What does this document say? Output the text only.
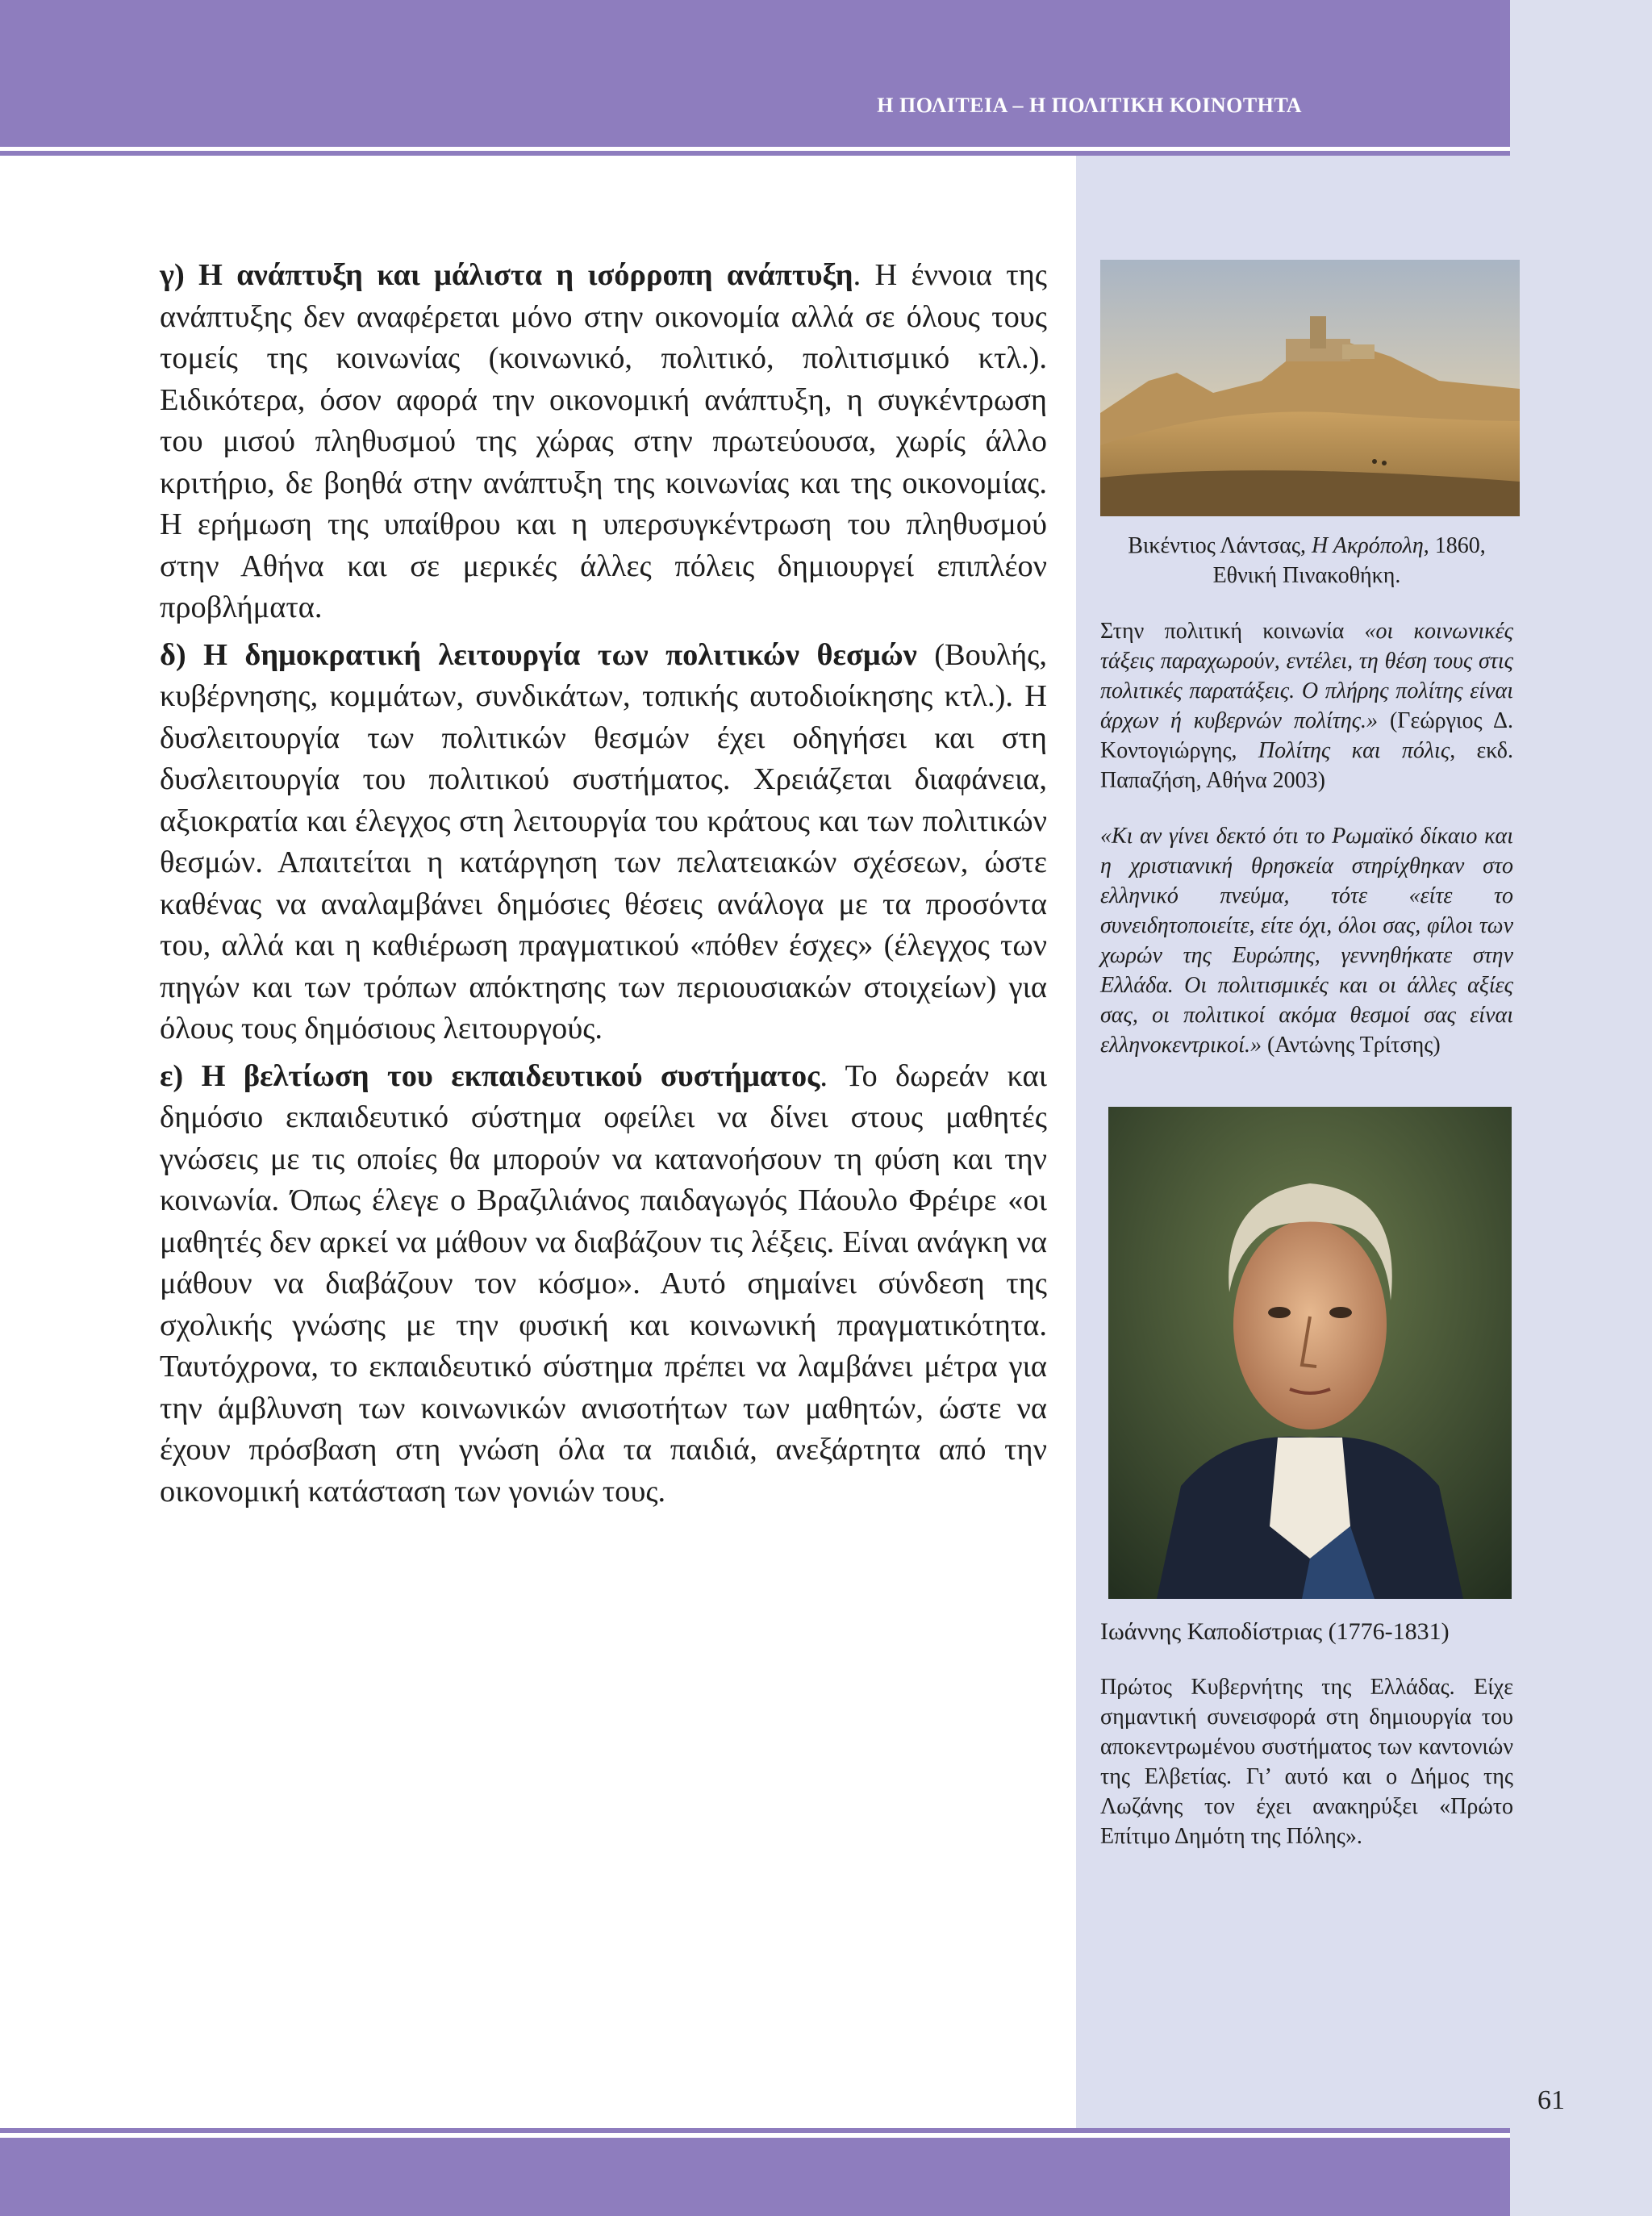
Η ΠΟΛΙΤΕΙΑ – Η ΠΟΛΙΤΙΚΗ ΚΟΙΝΟΤΗΤΑ
61

γ) Η ανάπτυξη και μάλιστα η ισόρροπη ανάπτυξη. Η έννοια της ανάπτυξης δεν αναφέρεται μόνο στην οικονομία αλλά σε όλους τους τομείς της κοινωνίας (κοινωνικό, πολιτικό, πολιτισμικό κτλ.). Ειδικότερα, όσον αφορά την οικονομική ανάπτυξη, η συγκέντρωση του μισού πληθυσμού της χώρας στην πρωτεύουσα, χωρίς άλλο κριτήριο, δε βοηθά στην ανάπτυξη της κοινωνίας και της οικονομίας. Η ερήμωση της υπαίθρου και η υπερσυγκέντρωση του πληθυσμού στην Αθήνα και σε μερικές άλλες πόλεις δημιουργεί επιπλέον προβλήματα.

δ) Η δημοκρατική λειτουργία των πολιτικών θεσμών (Βουλής, κυβέρνησης, κομμάτων, συνδικάτων, τοπικής αυτοδιοίκησης κτλ.). Η δυσλειτουργία των πολιτικών θεσμών έχει οδηγήσει και στη δυσλειτουργία του πολιτικού συστήματος. Χρειάζεται διαφάνεια, αξιοκρατία και έλεγχος στη λειτουργία του κράτους και των πολιτικών θεσμών. Απαιτείται η κατάργηση των πελατειακών σχέσεων, ώστε καθένας να αναλαμβάνει δημόσιες θέσεις ανάλογα με τα προσόντα του, αλλά και η καθιέρωση πραγματικού «πόθεν έσχες» (έλεγχος των πηγών και των τρόπων απόκτησης των περιουσιακών στοιχείων) για όλους τους δημόσιους λειτουργούς.

ε) Η βελτίωση του εκπαιδευτικού συστήματος. Το δωρεάν και δημόσιο εκπαιδευτικό σύστημα οφείλει να δίνει στους μαθητές γνώσεις με τις οποίες θα μπορούν να κατανοήσουν τη φύση και την κοινωνία. Όπως έλεγε ο Βραζιλιάνος παιδαγωγός Πάουλο Φρέιρε «οι μαθητές δεν αρκεί να μάθουν να διαβάζουν τις λέξεις. Είναι ανάγκη να μάθουν να διαβάζουν τον κόσμο». Αυτό σημαίνει σύνδεση της σχολικής γνώσης με την φυσική και κοινωνική πραγματικότητα. Ταυτόχρονα, το εκπαιδευτικό σύστημα πρέπει να λαμβάνει μέτρα για την άμβλυνση των κοινωνικών ανισοτήτων των μαθητών, ώστε να έχουν πρόσβαση στη γνώση όλα τα παιδιά, ανεξάρτητα από την οικονομική κατάσταση των γονιών τους.

Βικέντιος Λάντσας, Η Ακρόπολη, 1860, Εθνική Πινακοθήκη.
Στην πολιτική κοινωνία «οι κοινωνικές τάξεις παραχωρούν, εντέλει, τη θέση τους στις πολιτικές παρατάξεις. Ο πλήρης πολίτης είναι άρχων ή κυβερνών πολίτης.» (Γεώργιος Δ. Κοντογιώργης, Πολίτης και πόλις, εκδ. Παπαζήση, Αθήνα 2003)
«Κι αν γίνει δεκτό ότι το Ρωμαϊκό δίκαιο και η χριστιανική θρησκεία στηρίχθηκαν στο ελληνικό πνεύμα, τότε «είτε το συνειδητοποιείτε, είτε όχι, όλοι σας, φίλοι των χωρών της Ευρώπης, γεννηθήκατε στην Ελλάδα. Οι πολιτισμικές και οι άλλες αξίες σας, οι πολιτικοί ακόμα θεσμοί σας είναι ελληνοκεντρικοί.» (Αντώνης Τρίτσης)
Ιωάννης Καποδίστριας (1776-1831)
Πρώτος Κυβερνήτης της Ελλάδας. Είχε σημαντική συνεισφορά στη δημιουργία του αποκεντρωμένου συστήματος των καντονιών της Ελβετίας. Γι’ αυτό και ο Δήμος της Λωζάνης τον έχει ανακηρύξει «Πρώτο Επίτιμο Δημότη της Πόλης».
